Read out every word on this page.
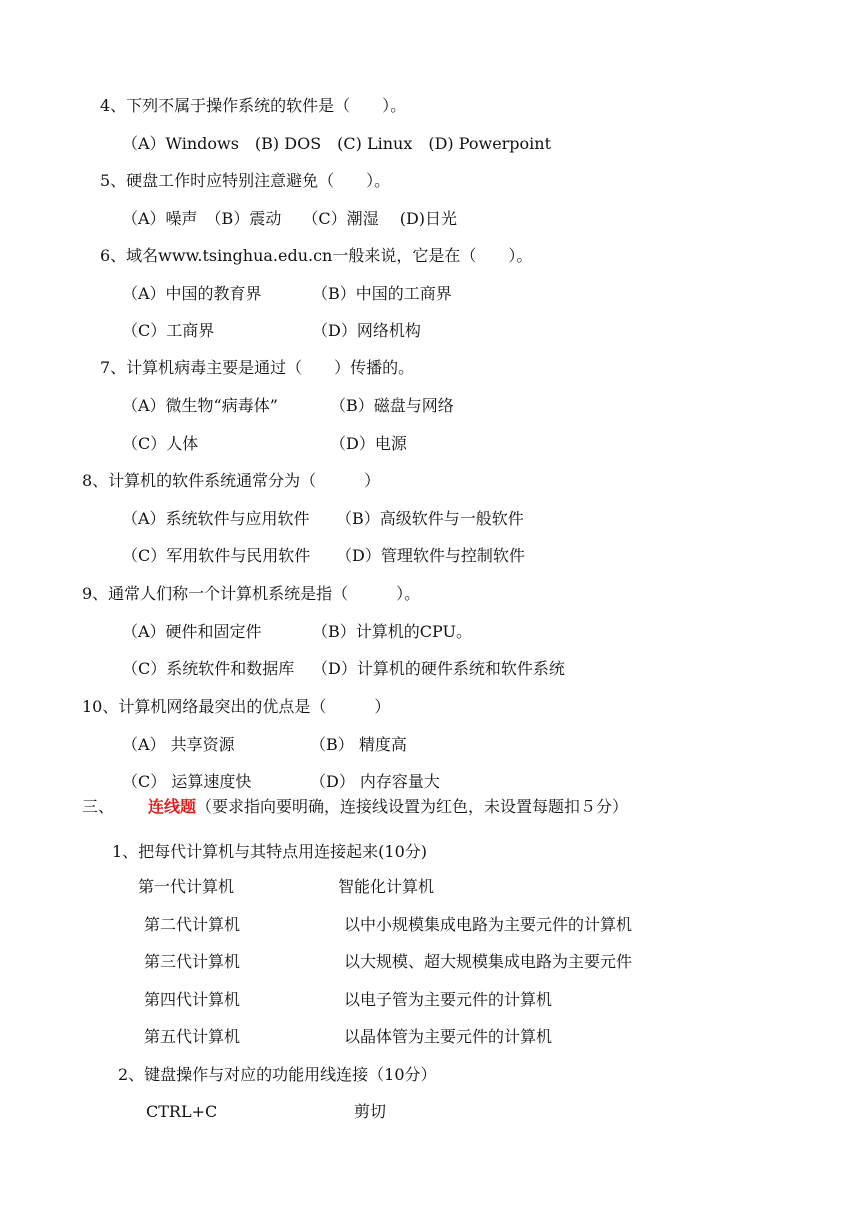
4、下列不属于操作系统的软件是（　　）。
（A）Windows　(B) DOS　(C) Linux　(D) Powerpoint
5、硬盘工作时应特别注意避免（　　）。
（A）噪声　（B）震动　 （C）潮湿　 (D)日光
6、域名www.tsinghua.edu.cn一般来说，它是在（　　）。
（A）中国的教育界	（B）中国的工商界
（C）工商界	（D）网络机构
7、计算机病毒主要是通过（　　）传播的。
（A）微生物“病毒体”	（B）磁盘与网络
（C）人体	（D）电源
8、计算机的软件系统通常分为（　　　）
（A）系统软件与应用软件 （B）高级软件与一般软件
（C）军用软件与民用软件 （D）管理软件与控制软件
9、通常人们称一个计算机系统是指（　　　）。
（A）硬件和固定件	（B）计算机的CPU。
（C）系统软件和数据库 （D）计算机的硬件系统和软件系统
10、计算机网络最突出的优点是（　　　）
（A） 共享资源	（B） 精度高
（C） 运算速度快	（D） 内存容量大
三、 连线题（要求指向要明确，连接线设置为红色，未设置每题扣５分）
1、把每代计算机与其特点用连接起来(10分)
第一代计算机	智能化计算机
第二代计算机	以中小规模集成电路为主要元件的计算机
第三代计算机	以大规模、超大规模集成电路为主要元件
第四代计算机	以电子管为主要元件的计算机
第五代计算机	以晶体管为主要元件的计算机
2、键盘操作与对应的功能用线连接（10分）
CTRL+C	剪切
